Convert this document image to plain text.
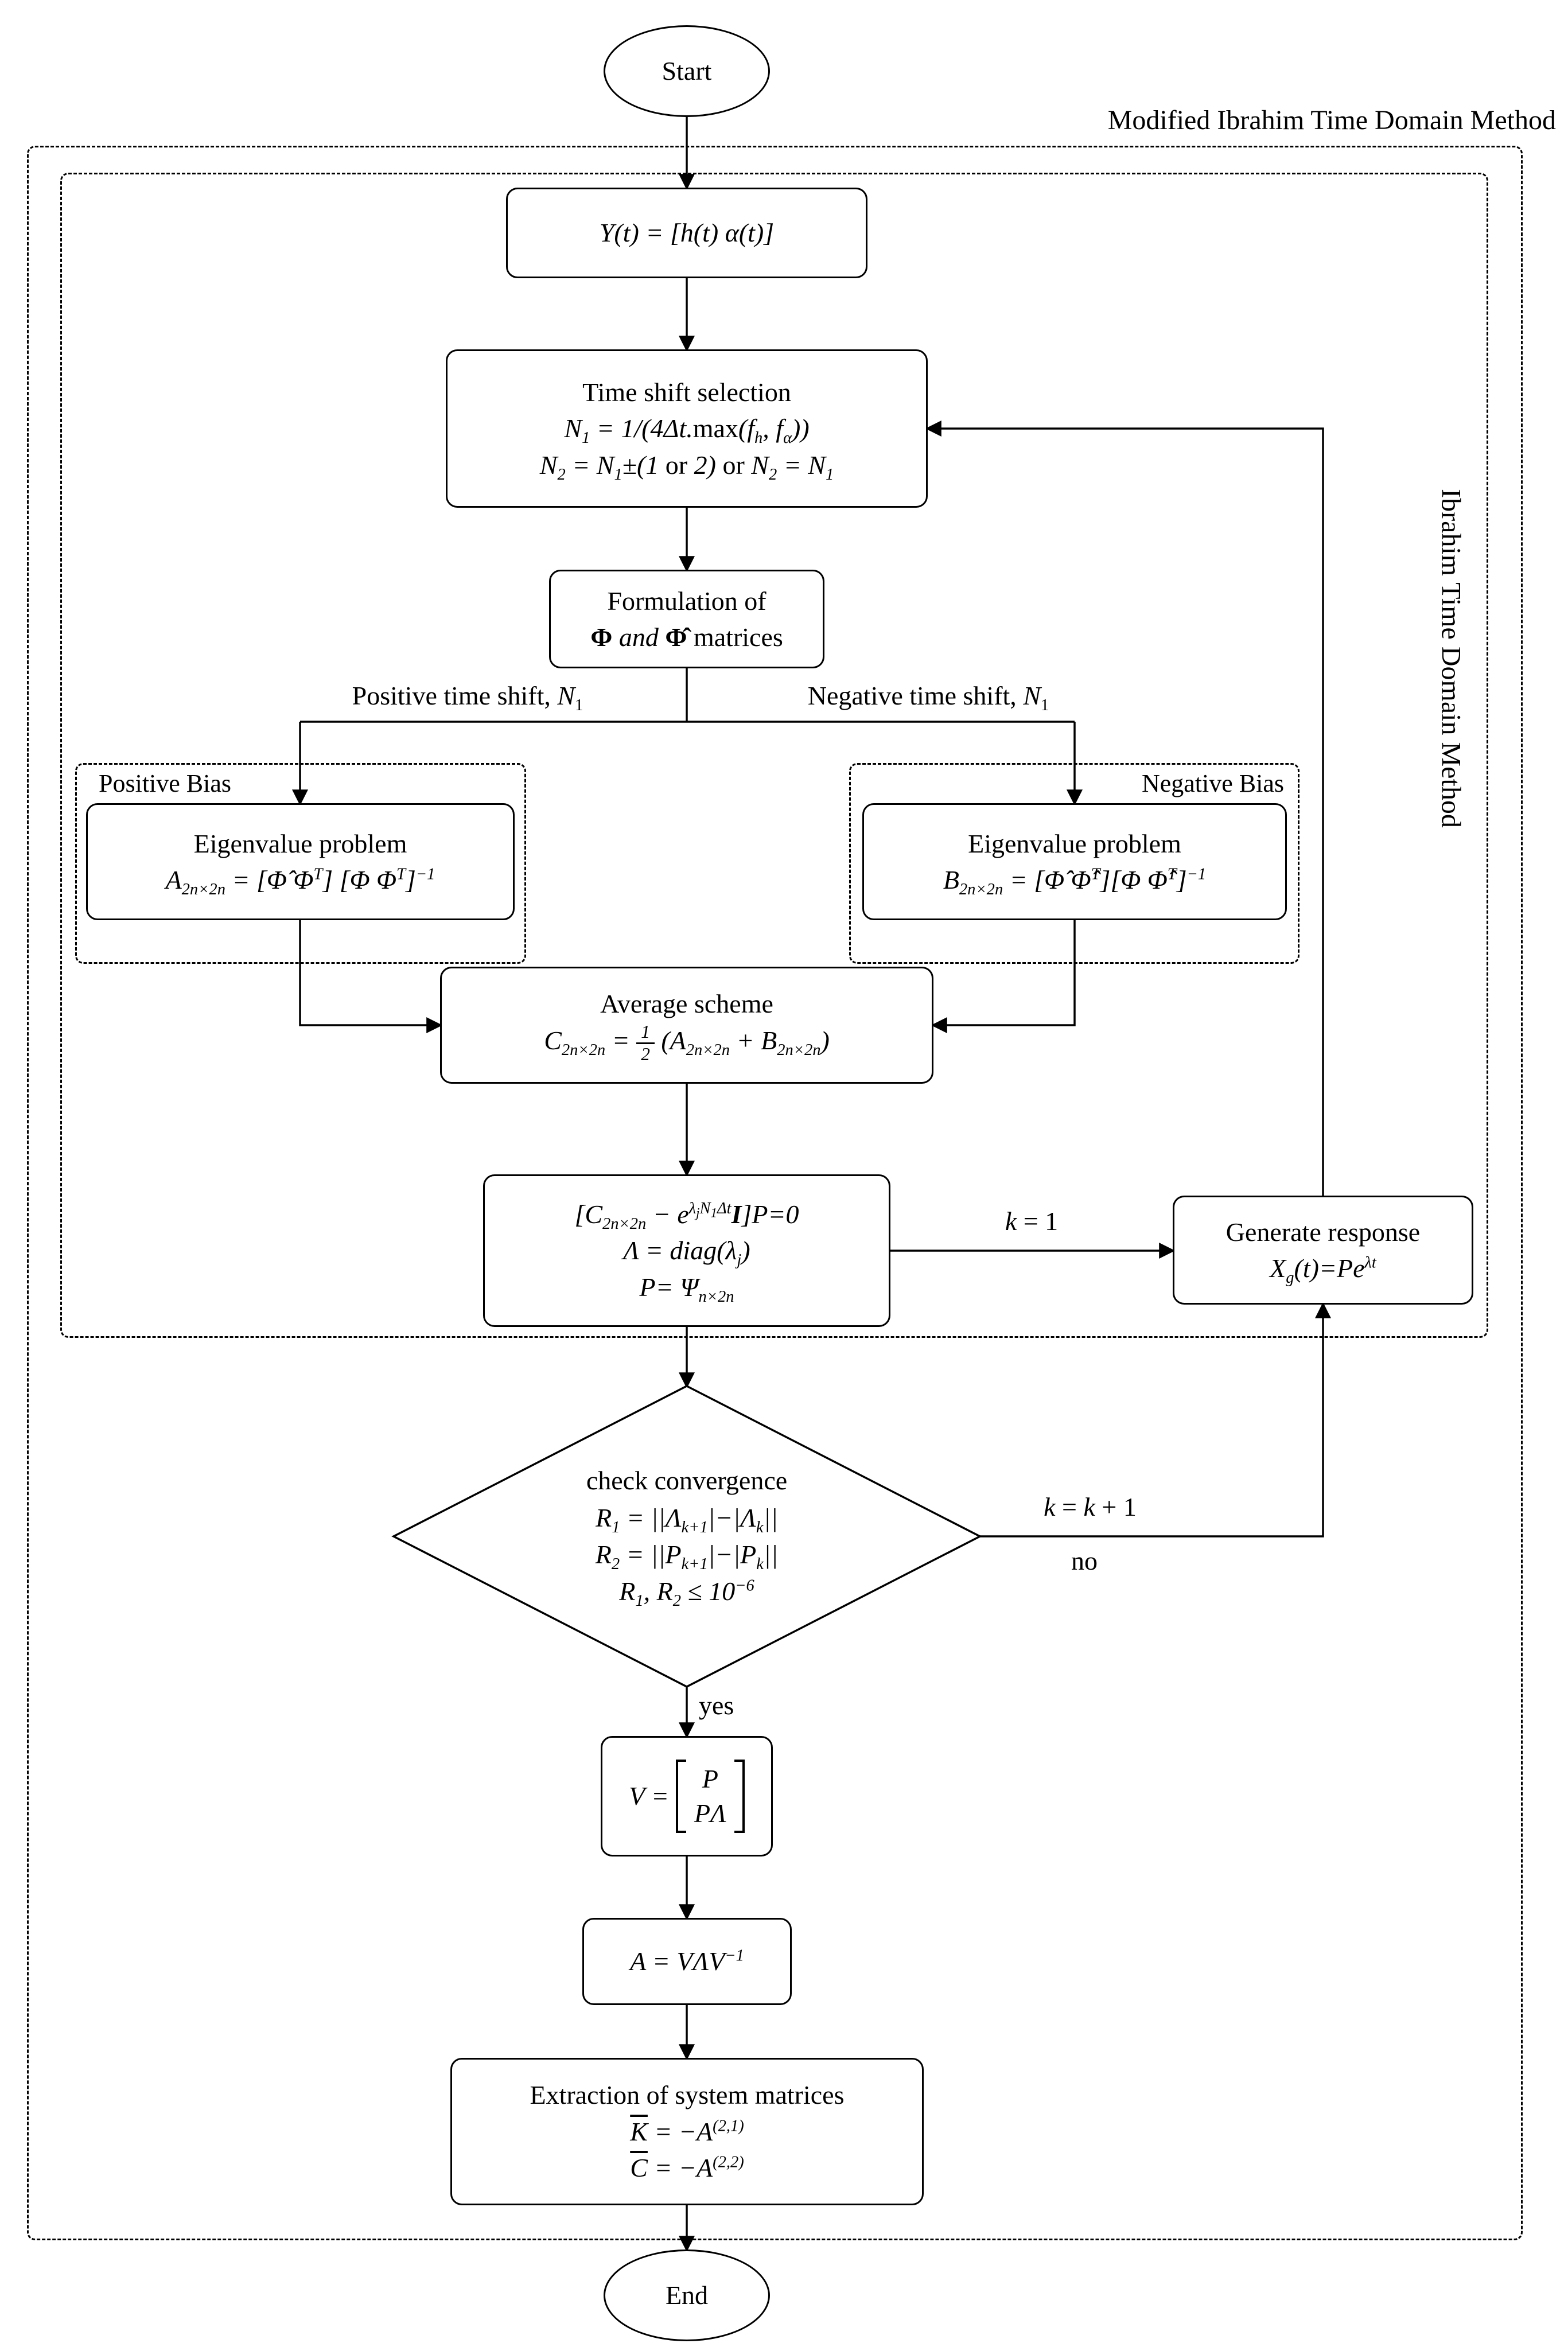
Modified Ibrahim Time Domain Method
Ibrahim Time Domain Method
Start
Y(t) = [h(t) α(t)]
Time shift selection
$N_1 = 1/(4\Delta t.\max(f_h$, $f_\alpha$))
$N_2 = N_1\pm(1$ or 2) or $N_2 = N_1$
Formulation of
Φ and Φ̂ matrices
Positive time shift, $N_1$	Negative time shift, $N_1$
Positive Bias	Negative Bias
Eigenvalue problem
$A_{2n\times 2n}$ = [Φ̂ $\Phi^T$] [Φ $\Phi^T]^{-1}$
Eigenvalue problem
$B_{2n\times 2n}$ = [Φ̂ Φ̂$^T$][Φ Φ̂$^T$]$^{-1}$
Average scheme
$C_{2n\times 2n} = \frac{1}{2} (A_{2n\times 2n} + B_{2n\times 2n})$
$[C_{2n\times 2n} - e^{\lambda_jN_1\Delta t}I]P=0$
$\Lambda = diag(\lambda_j)$
$P= \Psi_{n\times 2n}$
k = 1	Generate response
$X_g(t)=Pe^{\lambda t}$
check convergence
$R_1 = ||\Lambda_{k+1}|-|\Lambda_k||$
$R_2 = ||P_{k+1}|-|P_k||$
$R_1$, $R_2 \le 10^{-6}$
k = k + 1
no
yes
V =
P
PΛ
$A = V\Lambda V^{-1}$
Extraction of system matrices
$\overline{K} = -A^{(2,1)}$
$\overline{C} = -A^{(2,2)}$
End
